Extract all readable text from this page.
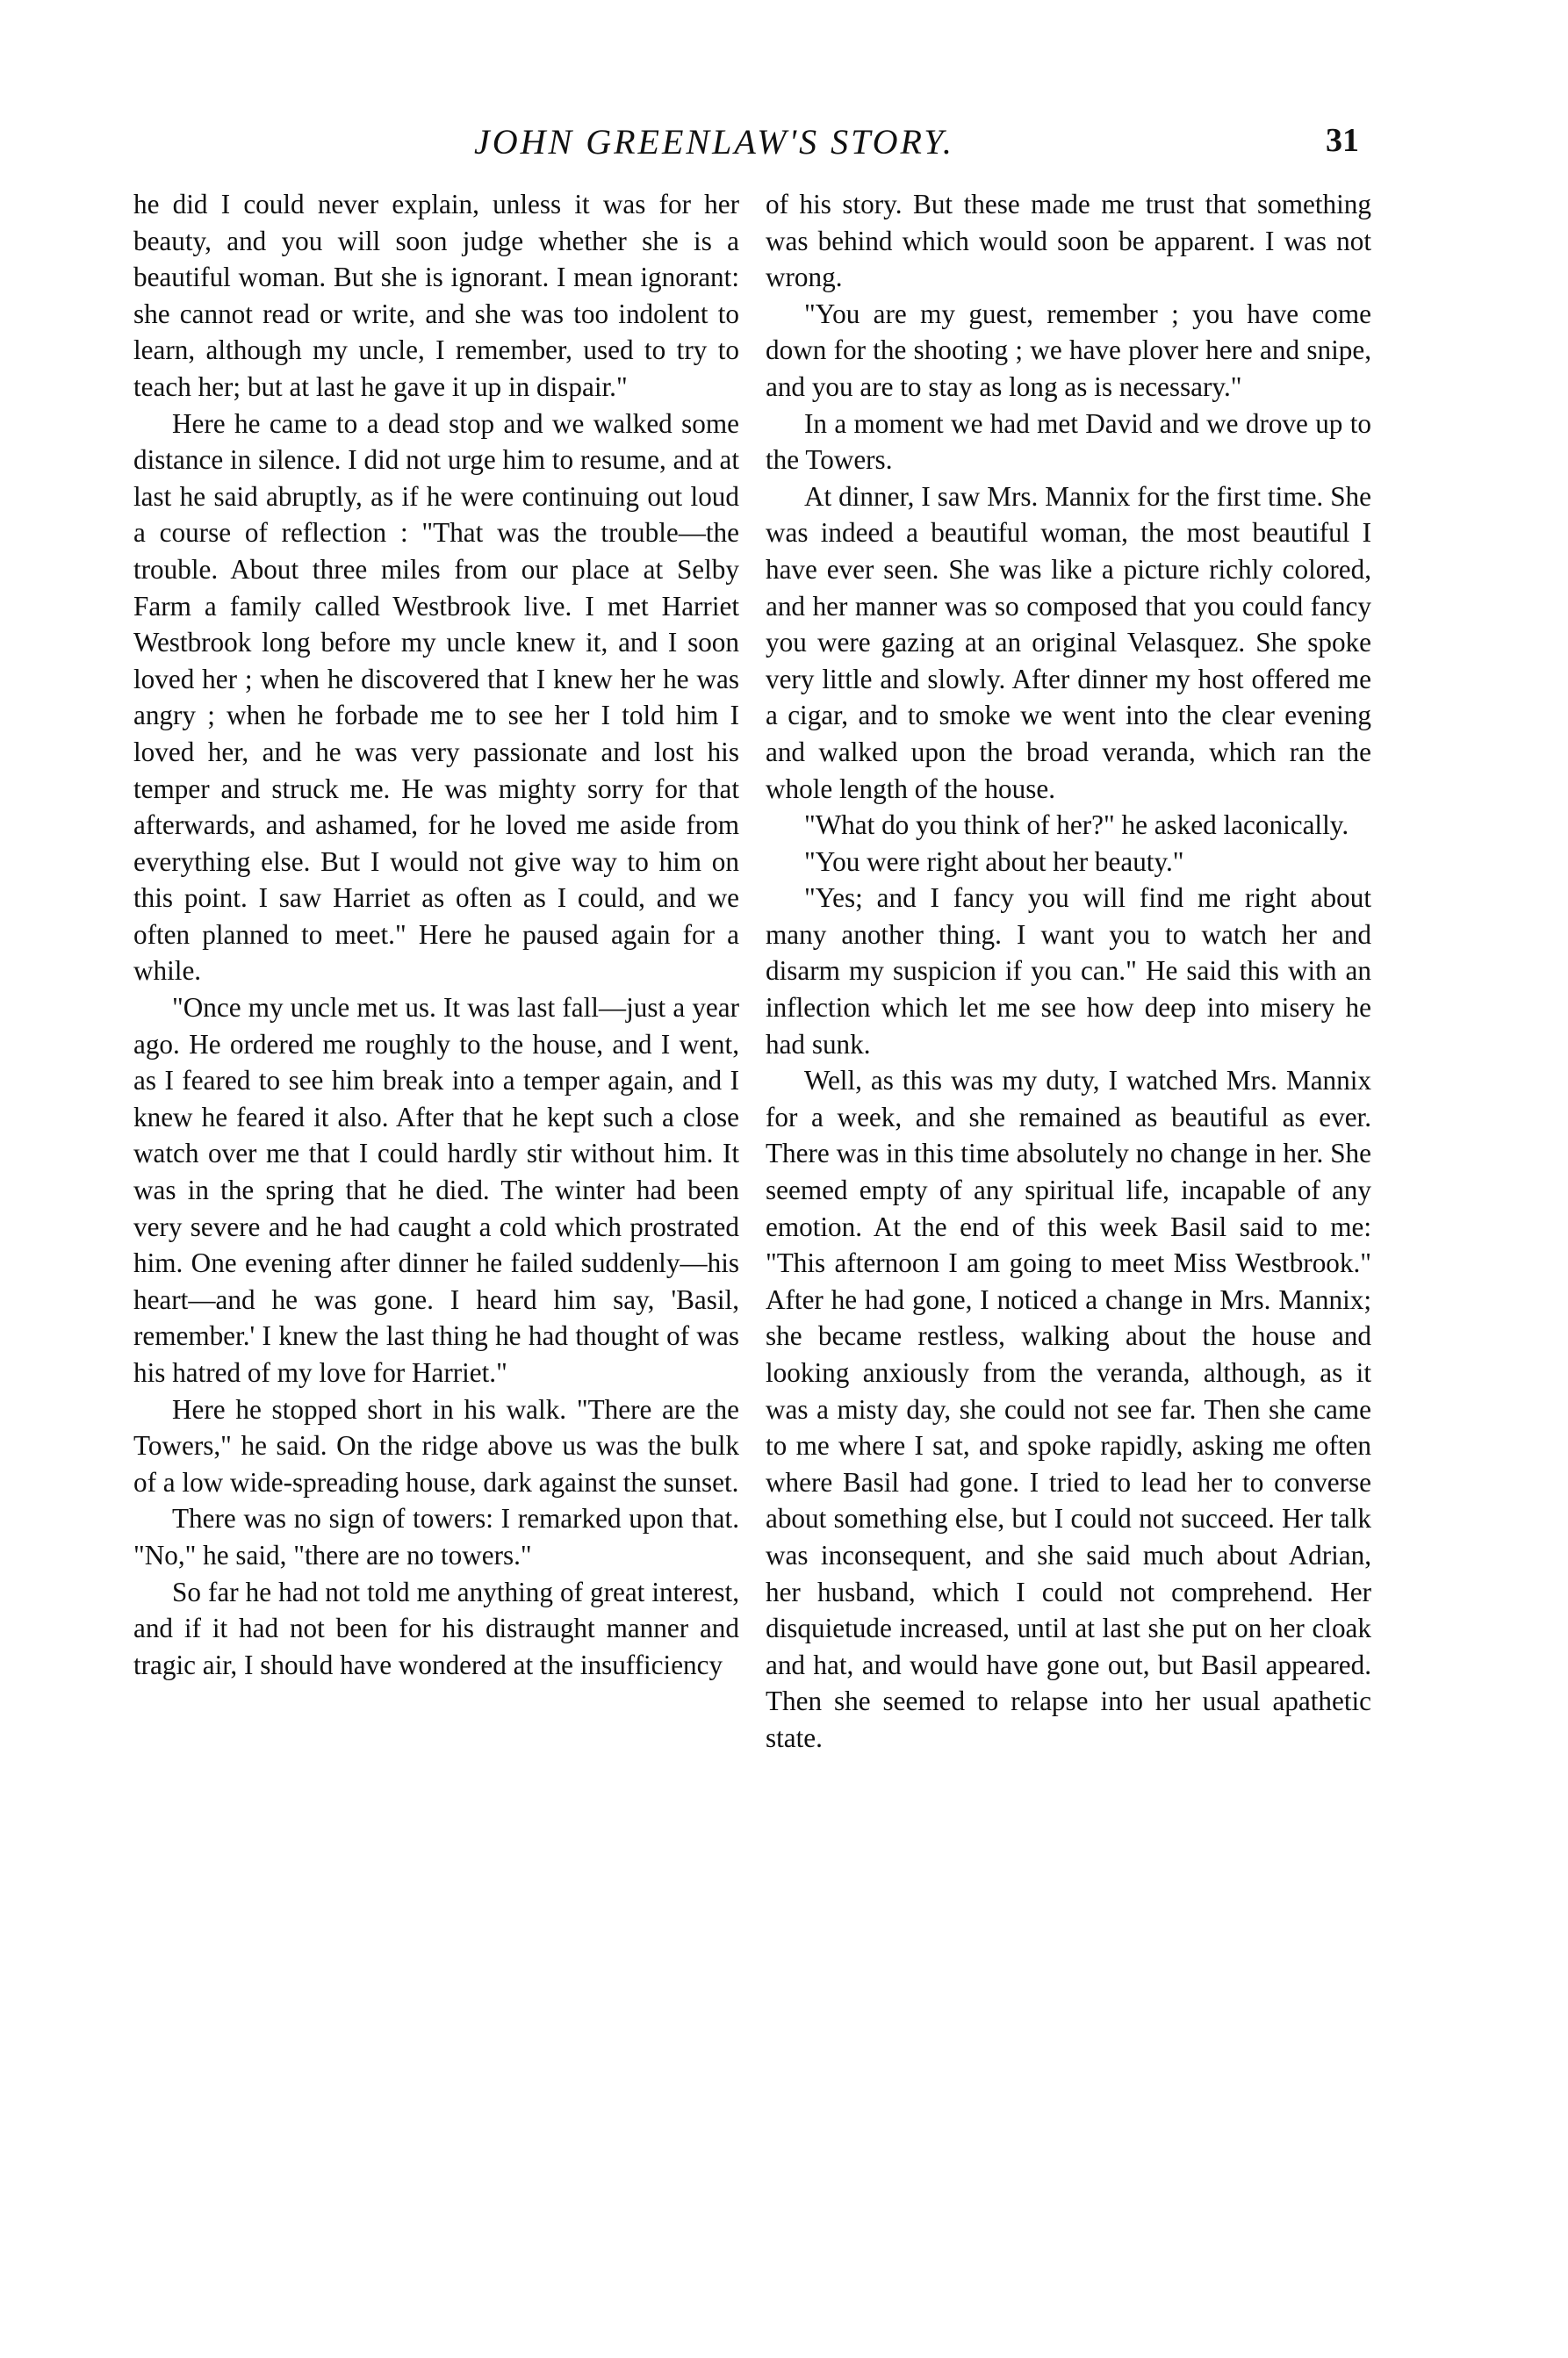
JOHN GREENLAW'S STORY.	31

he did I could never explain, unless it was for her beauty, and you will soon judge whether she is a beautiful woman. But she is ignorant. I mean ignorant: she cannot read or write, and she was too indolent to learn, although my uncle, I remember, used to try to teach her; but at last he gave it up in dispair."

Here he came to a dead stop and we walked some distance in silence. I did not urge him to resume, and at last he said abruptly, as if he were continuing out loud a course of reflection : "That was the trouble—the trouble. About three miles from our place at Selby Farm a family called Westbrook live. I met Harriet Westbrook long before my uncle knew it, and I soon loved her ; when he discovered that I knew her he was angry ; when he forbade me to see her I told him I loved her, and he was very passionate and lost his temper and struck me. He was mighty sorry for that afterwards, and ashamed, for he loved me aside from everything else. But I would not give way to him on this point. I saw Harriet as often as I could, and we often planned to meet." Here he paused again for a while.

"Once my uncle met us. It was last fall—just a year ago. He ordered me roughly to the house, and I went, as I feared to see him break into a temper again, and I knew he feared it also. After that he kept such a close watch over me that I could hardly stir without him. It was in the spring that he died. The winter had been very severe and he had caught a cold which prostrated him. One evening after dinner he failed suddenly—his heart—and he was gone. I heard him say, 'Basil, remember.' I knew the last thing he had thought of was his hatred of my love for Harriet."

Here he stopped short in his walk. "There are the Towers," he said. On the ridge above us was the bulk of a low wide-spreading house, dark against the sunset.

There was no sign of towers: I remarked upon that. "No," he said, "there are no towers."

So far he had not told me anything of great interest, and if it had not been for his distraught manner and tragic air, I should have wondered at the insufficiency

of his story. But these made me trust that something was behind which would soon be apparent. I was not wrong.

"You are my guest, remember ; you have come down for the shooting ; we have plover here and snipe, and you are to stay as long as is necessary."

In a moment we had met David and we drove up to the Towers.

At dinner, I saw Mrs. Mannix for the first time. She was indeed a beautiful woman, the most beautiful I have ever seen. She was like a picture richly colored, and her manner was so composed that you could fancy you were gazing at an original Velasquez. She spoke very little and slowly. After dinner my host offered me a cigar, and to smoke we went into the clear evening and walked upon the broad veranda, which ran the whole length of the house.

"What do you think of her?" he asked laconically.

"You were right about her beauty."

"Yes; and I fancy you will find me right about many another thing. I want you to watch her and disarm my suspicion if you can." He said this with an inflection which let me see how deep into misery he had sunk.

Well, as this was my duty, I watched Mrs. Mannix for a week, and she remained as beautiful as ever. There was in this time absolutely no change in her. She seemed empty of any spiritual life, incapable of any emotion. At the end of this week Basil said to me: "This afternoon I am going to meet Miss Westbrook." After he had gone, I noticed a change in Mrs. Mannix; she became restless, walking about the house and looking anxiously from the veranda, although, as it was a misty day, she could not see far. Then she came to me where I sat, and spoke rapidly, asking me often where Basil had gone. I tried to lead her to converse about something else, but I could not succeed. Her talk was inconsequent, and she said much about Adrian, her husband, which I could not comprehend. Her disquietude increased, until at last she put on her cloak and hat, and would have gone out, but Basil appeared. Then she seemed to relapse into her usual apathetic state.
